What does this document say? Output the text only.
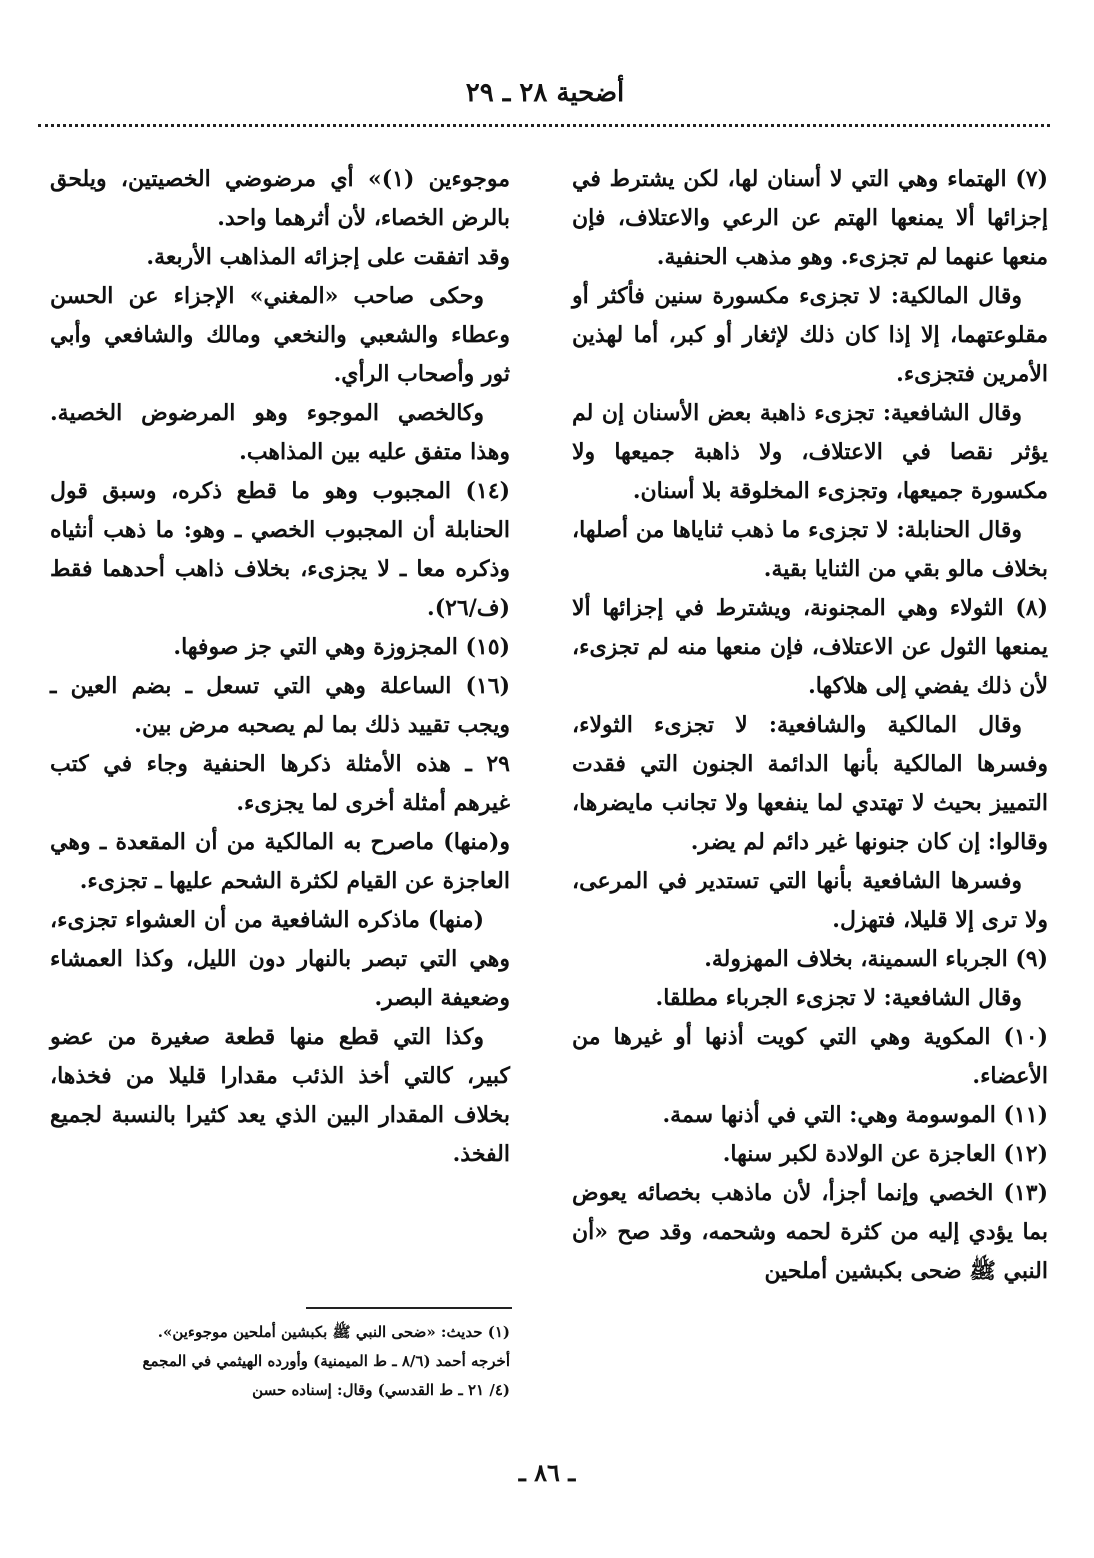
أضحية ٢٨ ـ ٢٩

(٧) الهتماء وهي التي لا أسنان لها، لكن يشترط في إجزائها ألا يمنعها الهتم عن الرعي والاعتلاف، فإن منعها عنهما لم تجزىء. وهو مذهب الحنفية.

وقال المالكية: لا تجزىء مكسورة سنين فأكثر أو مقلوعتهما، إلا إذا كان ذلك لإثغار أو كبر، أما لهذين الأمرين فتجزىء.

وقال الشافعية: تجزىء ذاهبة بعض الأسنان إن لم يؤثر نقصا في الاعتلاف، ولا ذاهبة جميعها ولا مكسورة جميعها، وتجزىء المخلوقة بلا أسنان.

وقال الحنابلة: لا تجزىء ما ذهب ثناياها من أصلها، بخلاف مالو بقي من الثنايا بقية.

(٨) الثولاء وهي المجنونة، ويشترط في إجزائها ألا يمنعها الثول عن الاعتلاف، فإن منعها منه لم تجزىء، لأن ذلك يفضي إلى هلاكها.

وقال المالكية والشافعية: لا تجزىء الثولاء، وفسرها المالكية بأنها الدائمة الجنون التي فقدت التمييز بحيث لا تهتدي لما ينفعها ولا تجانب مايضرها، وقالوا: إن كان جنونها غير دائم لم يضر.

وفسرها الشافعية بأنها التي تستدير في المرعى، ولا ترى إلا قليلا، فتهزل.

(٩) الجرباء السمينة، بخلاف المهزولة.

وقال الشافعية: لا تجزىء الجرباء مطلقا.

(١٠) المكوية وهي التي كويت أذنها أو غيرها من الأعضاء.

(١١) الموسومة وهي: التي في أذنها سمة.

(١٢) العاجزة عن الولادة لكبر سنها.

(١٣) الخصي وإنما أجزأ، لأن ماذهب بخصائه يعوض بما يؤدي إليه من كثرة لحمه وشحمه، وقد صح «أن النبي ﷺ ضحى بكبشين أملحين

موجوءين (١)» أي مرضوضي الخصيتين، ويلحق بالرض الخصاء، لأن أثرهما واحد.

وقد اتفقت على إجزائه المذاهب الأربعة.

وحكى صاحب «المغني» الإجزاء عن الحسن وعطاء والشعبي والنخعي ومالك والشافعي وأبي ثور وأصحاب الرأي.

وكالخصي الموجوء وهو المرضوض الخصية. وهذا متفق عليه بين المذاهب.

(١٤) المجبوب وهو ما قطع ذكره، وسبق قول الحنابلة أن المجبوب الخصي ـ وهو: ما ذهب أنثياه وذكره معا ـ لا يجزىء، بخلاف ذاهب أحدهما فقط (ف/٢٦).

(١٥) المجزوزة وهي التي جز صوفها.

(١٦) الساعلة وهي التي تسعل ـ بضم العين ـ ويجب تقييد ذلك بما لم يصحبه مرض بين.

٢٩ ـ هذه الأمثلة ذكرها الحنفية وجاء في كتب غيرهم أمثلة أخرى لما يجزىء.

و(منها) ماصرح به المالكية من أن المقعدة ـ وهي العاجزة عن القيام لكثرة الشحم عليها ـ تجزىء.

(منها) ماذكره الشافعية من أن العشواء تجزىء، وهي التي تبصر بالنهار دون الليل، وكذا العمشاء وضعيفة البصر.

وكذا التي قطع منها قطعة صغيرة من عضو كبير، كالتي أخذ الذئب مقدارا قليلا من فخذها، بخلاف المقدار البين الذي يعد كثيرا بالنسبة لجميع الفخذ.

(١) حديث: «ضحى النبي ﷺ بكبشين أملحين موجوءين».

أخرجه أحمد (٨/٦ ـ ط الميمنية) وأورده الهيثمي في المجمع

(٤/ ٢١ ـ ط القدسي) وقال: إسناده حسن

ـ ٨٦ ـ
